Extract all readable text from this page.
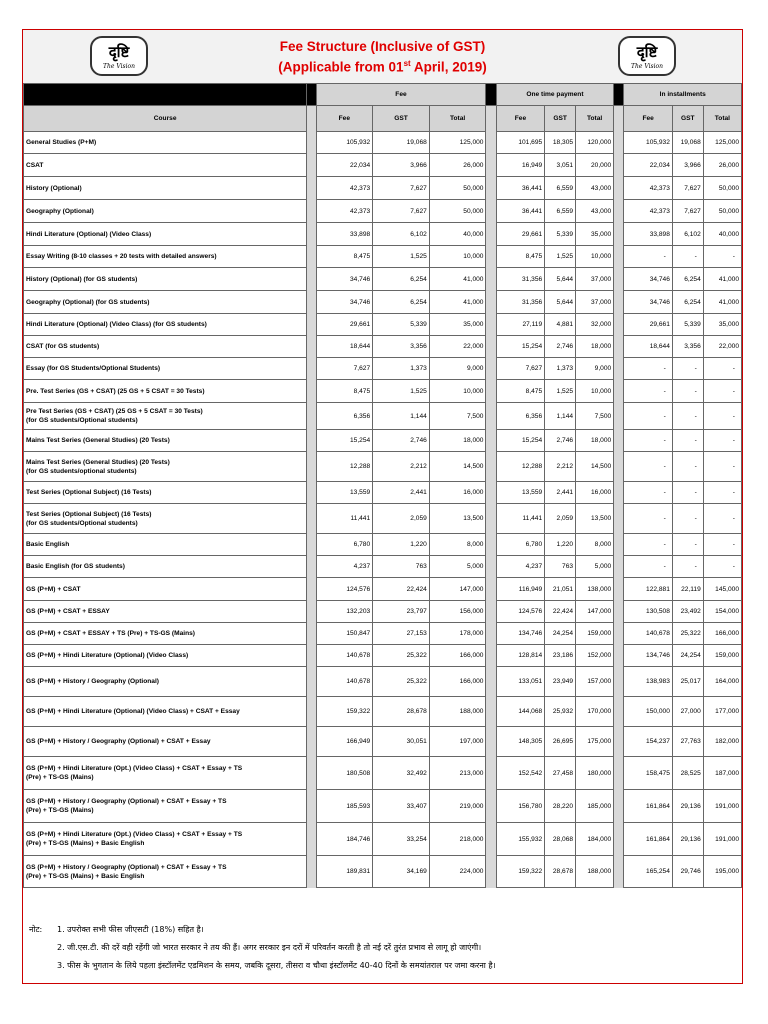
दृष्टि
The Vision
Fee Structure (Inclusive of GST)
(Applicable from 01st April, 2019)
दृष्टि
The Vision
		Fee				One time payment				In installments		
Course		Fee	GST	Total		Fee	GST	Total		Fee	GST	Total
General Studies (P+M)		105,932	19,068	125,000		101,695	18,305	120,000		105,932	19,068	125,000
CSAT		22,034	3,966	26,000		16,949	3,051	20,000		22,034	3,966	26,000
History (Optional)		42,373	7,627	50,000		36,441	6,559	43,000		42,373	7,627	50,000
Geography (Optional)		42,373	7,627	50,000		36,441	6,559	43,000		42,373	7,627	50,000
Hindi Literature (Optional) (Video Class)		33,898	6,102	40,000		29,661	5,339	35,000		33,898	6,102	40,000
Essay Writing (8-10 classes + 20 tests with detailed answers)		8,475	1,525	10,000		8,475	1,525	10,000		-	-	-
History (Optional) (for GS students)		34,746	6,254	41,000		31,356	5,644	37,000		34,746	6,254	41,000
Geography (Optional) (for GS students)		34,746	6,254	41,000		31,356	5,644	37,000		34,746	6,254	41,000
Hindi Literature (Optional) (Video Class) (for GS students)		29,661	5,339	35,000		27,119	4,881	32,000		29,661	5,339	35,000
CSAT (for GS students)		18,644	3,356	22,000		15,254	2,746	18,000		18,644	3,356	22,000
Essay (for GS Students/Optional Students)		7,627	1,373	9,000		7,627	1,373	9,000		-	-	-
Pre. Test Series (GS + CSAT) (25 GS + 5 CSAT = 30 Tests)		8,475	1,525	10,000		8,475	1,525	10,000		-	-	-
Pre Test Series (GS + CSAT) (25 GS + 5 CSAT = 30 Tests)
(for GS students/Optional students)		6,356	1,144	7,500		6,356	1,144	7,500		-	-	-
Mains Test Series (General Studies) (20 Tests)		15,254	2,746	18,000		15,254	2,746	18,000		-	-	-
Mains Test Series (General Studies) (20 Tests)
(for GS students/optional students)		12,288	2,212	14,500		12,288	2,212	14,500		-	-	-
Test Series (Optional Subject) (16 Tests)		13,559	2,441	16,000		13,559	2,441	16,000		-	-	-
Test Series (Optional Subject) (16 Tests)
(for GS students/Optional students)		11,441	2,059	13,500		11,441	2,059	13,500		-	-	-
Basic English		6,780	1,220	8,000		6,780	1,220	8,000		-	-	-
Basic English (for GS students)		4,237	763	5,000		4,237	763	5,000		-	-	-
GS (P+M) + CSAT		124,576	22,424	147,000		116,949	21,051	138,000		122,881	22,119	145,000
GS (P+M) + CSAT + ESSAY		132,203	23,797	156,000		124,576	22,424	147,000		130,508	23,492	154,000
GS (P+M) + CSAT + ESSAY + TS (Pre) + TS-GS (Mains)		150,847	27,153	178,000		134,746	24,254	159,000		140,678	25,322	166,000
GS (P+M) + Hindi Literature (Optional) (Video Class)		140,678	25,322	166,000		128,814	23,186	152,000		134,746	24,254	159,000
GS (P+M) + History / Geography (Optional)		140,678	25,322	166,000		133,051	23,949	157,000		138,983	25,017	164,000
GS (P+M) + Hindi Literature (Optional) (Video Class) + CSAT + Essay		159,322	28,678	188,000		144,068	25,932	170,000		150,000	27,000	177,000
GS (P+M) + History / Geography (Optional) + CSAT + Essay		166,949	30,051	197,000		148,305	26,695	175,000		154,237	27,763	182,000
GS (P+M) + Hindi Literature (Opt.) (Video Class) + CSAT + Essay + TS
(Pre) + TS-GS (Mains)		180,508	32,492	213,000		152,542	27,458	180,000		158,475	28,525	187,000
GS (P+M) + History / Geography (Optional) + CSAT + Essay + TS
(Pre) + TS-GS (Mains)		185,593	33,407	219,000		156,780	28,220	185,000		161,864	29,136	191,000
GS (P+M) + Hindi Literature (Opt.) (Video Class) + CSAT + Essay + TS
(Pre) + TS-GS (Mains) + Basic English		184,746	33,254	218,000		155,932	28,068	184,000		161,864	29,136	191,000
GS (P+M) + History / Geography (Optional) + CSAT + Essay + TS
(Pre) + TS-GS (Mains) + Basic English		189,831	34,169	224,000		159,322	28,678	188,000		165,254	29,746	195,000
नोट: 1. उपरोक्त सभी फीस जीएसटी (18%) सहित है।
2. जी.एस.टी. की दरें वही रहेंगी जो भारत सरकार ने तय की हैं। अगर सरकार इन दरों में परिवर्तन करती है तो नई दरें तुरंत प्रभाव से लागू हो जाएंगी।
3. फीस के भुगतान के लिये पहला इंस्टॉलमेंट एडमिशन के समय, जबकि दूसरा, तीसरा व चौथा इंस्टॉलमेंट 40-40 दिनों के समयांतराल पर जमा करना है।
